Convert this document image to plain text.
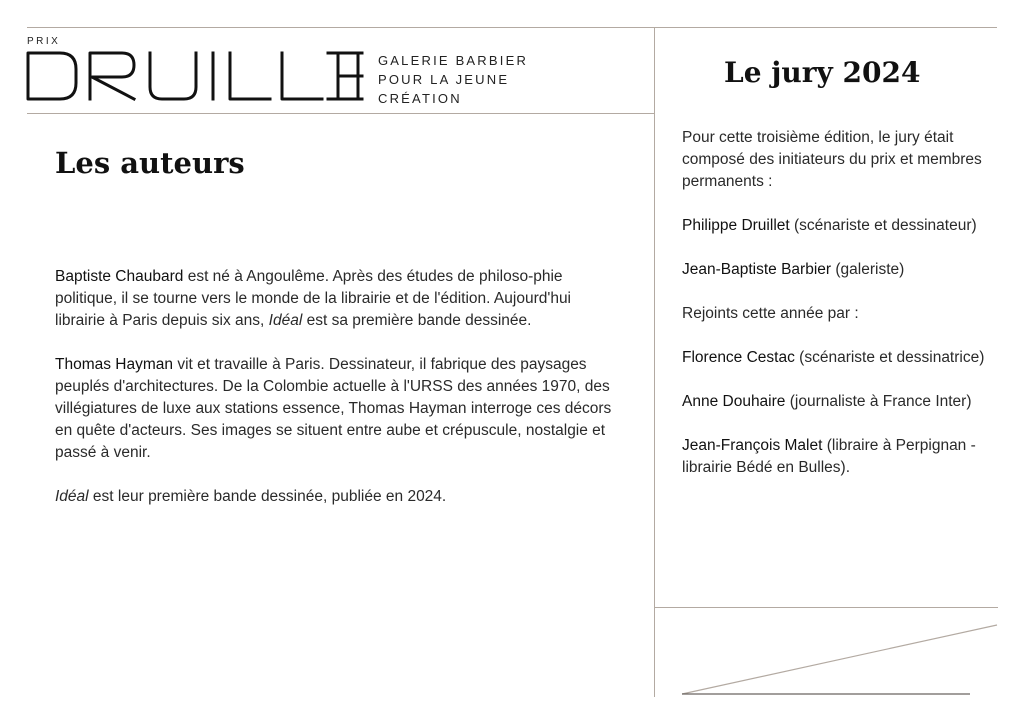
PRIX
GALERIE BARBIER
POUR LA JEUNE
CRÉATION
Les auteurs

Baptiste Chaubard est né à Angoulême. Après des études de philoso-phie politique, il se tourne vers le monde de la librairie et de l'édition. Aujourd'hui librairie à Paris depuis six ans, Idéal est sa première bande dessinée.

Thomas Hayman vit et travaille à Paris. Dessinateur, il fabrique des paysages peuplés d'architectures. De la Colombie actuelle à l'URSS des années 1970, des villégiatures de luxe aux stations essence, Thomas Hayman interroge ces décors en quête d'acteurs. Ses images se situent entre aube et crépuscule, nostalgie et passé à venir.

Idéal est leur première bande dessinée, publiée en 2024.

Le jury 2024

Pour cette troisième édition, le jury était composé des initiateurs du prix et membres permanents :

Philippe Druillet (scénariste et dessinateur)

Jean-Baptiste Barbier (galeriste)

Rejoints cette année par :

Florence Cestac (scénariste et dessinatrice)

Anne Douhaire (journaliste à France Inter)

Jean-François Malet (libraire à Perpignan - librairie Bédé en Bulles).
